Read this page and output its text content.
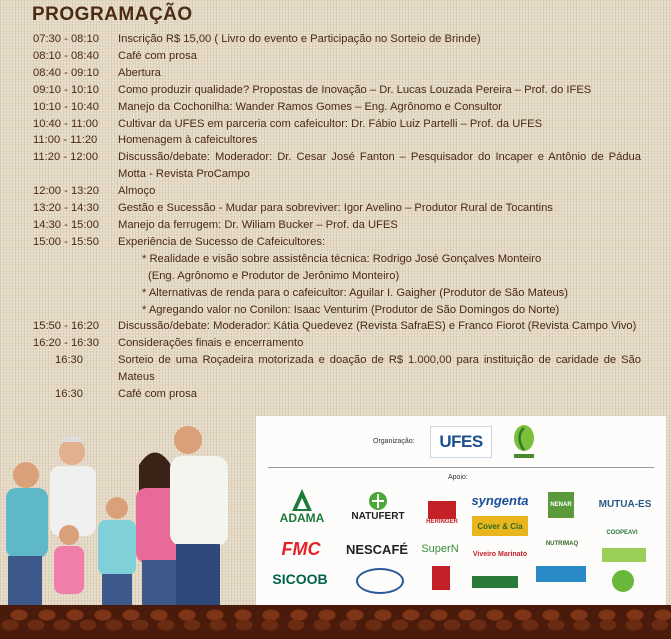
PROGRAMAÇÃO
07:30 - 08:10	Inscrição R$ 15,00 ( Livro do evento e Participação no Sorteio de Brinde)
08:10 - 08:40	Café com prosa
08:40 - 09:10	Abertura
09:10 - 10:10	Como produzir qualidade? Propostas de Inovação – Dr. Lucas Louzada Pereira – Prof. do IFES
10:10 - 10:40	Manejo da Cochonilha: Wander Ramos Gomes – Eng. Agrônomo e Consultor
10:40 - 11:00	Cultivar da UFES em parceria com cafeicultor: Dr. Fábio Luiz Partelli – Prof. da UFES
11:00 - 11:20	Homenagem à cafeicultores
11:20 - 12:00	Discussão/debate: Moderador: Dr. Cesar José Fanton – Pesquisador do Incaper e Antônio de Pádua Motta - Revista ProCampo
12:00 - 13:20	Almoço
13:20 - 14:30	Gestão e Sucessão - Mudar para sobreviver: Igor Avelino – Produtor Rural de Tocantins
14:30 - 15:00	Manejo da ferrugem: Dr. Wiliam Bucker – Prof. da UFES
15:00 - 15:50	Experiência de Sucesso de Cafeicultores:
* Realidade e visão sobre assistência técnica: Rodrigo José Gonçalves Monteiro
(Eng. Agrônomo e Produtor de Jerônimo Monteiro)
* Alternativas de renda para o cafeicultor: Aguilar I. Gaigher (Produtor de São Mateus)
* Agregando valor no Conilon: Isaac Venturim (Produtor de São Domingos do Norte)
15:50 - 16:20	Discussão/debate: Moderador: Kátia Quedevez (Revista SafraES) e Franco Fiorot (Revista Campo Vivo)
16:20 - 16:30	Considerações finais e encerramento
16:30	Sorteio de uma Roçadeira motorizada e doação de R$ 1.000,00 para instituição de caridade de São Mateus
16:30	Café com prosa
Organização:	UFES
Apoio:
ADAMA	NATUFERT
HERINGER
syngenta
Cover & Cia
NENAR	MUTUA-ES
FMC	NESCAFÉ	SuperN	Viveiro Marinato
NUTRIMAQ
COOPEAVI
SICOOB
